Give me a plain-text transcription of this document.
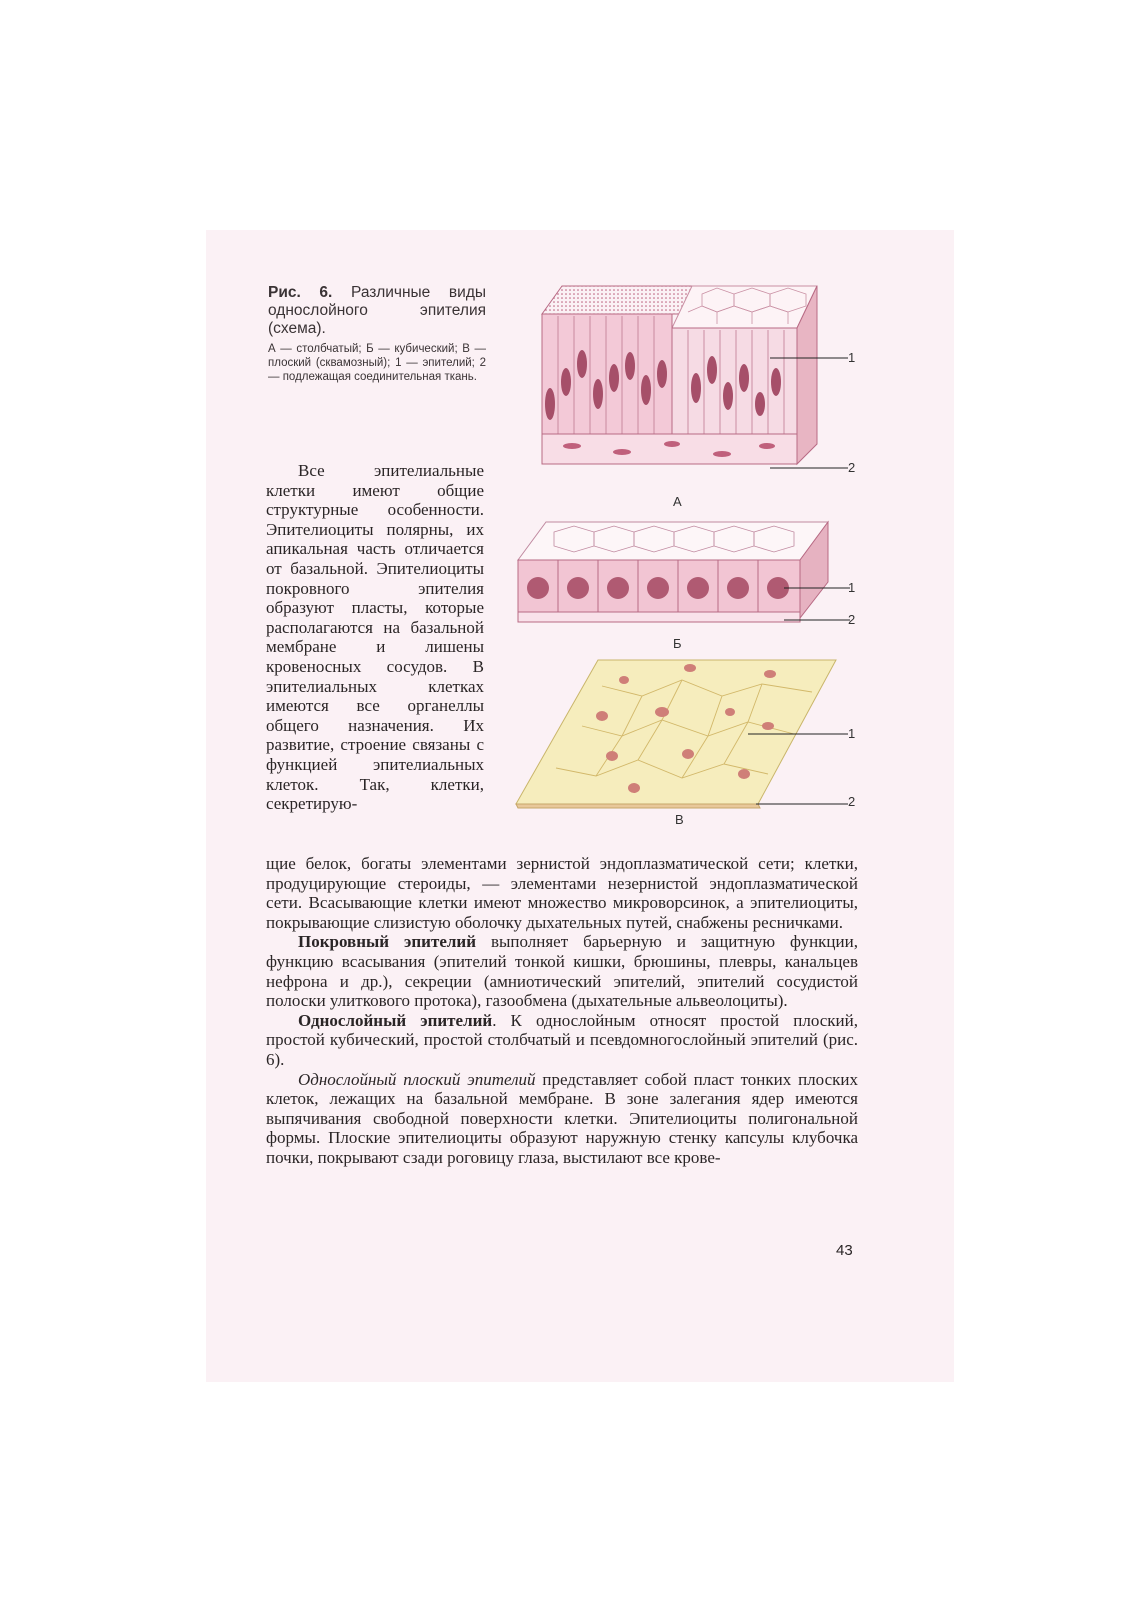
Рис. 6. Различные виды однослойного эпителия (схема).
А — столбчатый; Б — кубический; В — плоский (сквамозный); 1 — эпителий; 2 — подлежащая соединительная ткань.
1
2
А
1
2
Б
1
2
В

Все эпителиальные клетки имеют общие структурные особенности. Эпителиоциты полярны, их апикальная часть отличается от базальной. Эпителиоциты покровного эпителия образуют пласты, которые располагаются на базальной мембране и лишены кровеносных сосудов. В эпителиальных клетках имеются все органеллы общего назначения. Их развитие, строение связаны с функцией эпителиальных клеток. Так, клетки, секретирую-

щие белок, богаты элементами зернистой эндоплазматической сети; клетки, продуцирующие стероиды, — элементами незернистой эндоплазматической сети. Всасывающие клетки имеют множество микроворсинок, а эпителиоциты, покрывающие слизистую оболочку дыхательных путей, снабжены ресничками.

Покровный эпителий выполняет барьерную и защитную функции, функцию всасывания (эпителий тонкой кишки, брюшины, плевры, канальцев нефрона и др.), секреции (амниотический эпителий, эпителий сосудистой полоски улиткового протока), газообмена (дыхательные альвеолоциты).

Однослойный эпителий. К однослойным относят простой плоский, простой кубический, простой столбчатый и псевдомногослойный эпителий (рис. 6).

Однослойный плоский эпителий представляет собой пласт тонких плоских клеток, лежащих на базальной мембране. В зоне залегания ядер имеются выпячивания свободной поверхности клетки. Эпителиоциты полигональной формы. Плоские эпителиоциты образуют наружную стенку капсулы клубочка почки, покрывают сзади роговицу глаза, выстилают все крове-

43
